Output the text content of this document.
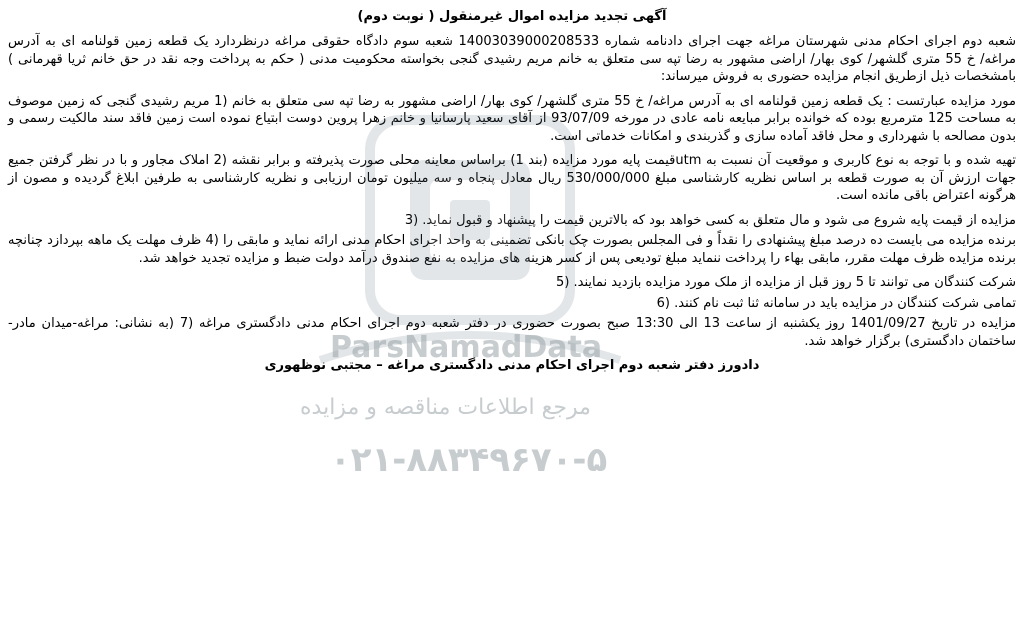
ParsNamadData
مرجع اطلاعات مناقصه و مزایده
۰۲۱-۸۸۳۴۹۶۷۰-۵
آگهی تجدید مزایده اموال غیرمنقول ( نوبت دوم)

شعبه دوم اجرای احکام مدنی شهرستان مراغه جهت اجرای دادنامه شماره 14003039000208533 شعبه سوم دادگاه حقوقی مراغه درنظردارد یک قطعه زمین قولنامه ای به آدرس مراغه/ خ 55 متری گلشهر/ کوی بهار/ اراضی مشهور به رضا تپه سی متعلق به خانم مریم رشیدی گنجی بخواسته محکومیت مدنی ( حکم به پرداخت وجه نقد در حق خانم ثریا قهرمانی ) بامشخصات ذیل ازطریق انجام مزایده حضوری به فروش میرساند:

مورد مزایده عبارتست : یک قطعه زمین قولنامه ای به آدرس مراغه/ خ 55 متری گلشهر/ کوی بهار/ اراضی مشهور به رضا تپه سی متعلق به خانم (1 مریم رشیدی گنجی که زمین موصوف به مساحت 125 مترمربع بوده که خوانده برابر مبایعه نامه عادی در مورخه 93/07/09 از آقای سعید پارسانیا و خانم زهرا پروین دوست ابتیاع نموده است زمین فاقد سند مالکیت رسمی و بدون مصالحه با شهرداری و محل فاقد آماده سازی و گذربندی و امکانات خدماتی است.

تهیه شده و با توجه به نوع کاربری و موقعیت آن نسبت به utmقیمت پایه مورد مزایده (بند 1) براساس معاینه محلی صورت پذیرفته و برابر نقشه (2 املاک مجاور و با در نظر گرفتن جمیع جهات ارزش آن به صورت قطعه بر اساس نظریه کارشناسی مبلغ 530/000/000 ریال معادل پنجاه و سه میلیون تومان ارزیابی و نظریه کارشناسی به طرفین ابلاغ گردیده و مصون از هرگونه اعتراض باقی مانده است.

مزایده از قیمت پایه شروع می شود و مال متعلق به کسی خواهد بود که بالاترین قیمت را پیشنهاد و قبول نماید. (3

برنده مزایده می بایست ده درصد مبلغ پیشنهادی را نقداً و فی المجلس بصورت چک بانکی تضمینی به واحد اجرای احکام مدنی ارائه نماید و مابقی را (4 ظرف مهلت یک ماهه بپردازد چنانچه برنده مزایده ظرف مهلت مقرر، مابقی بهاء را پرداخت ننماید مبلغ تودیعی پس از کسر هزینه های مزایده به نفع صندوق درآمد دولت ضبط و مزایده تجدید خواهد شد.

شرکت کنندگان می توانند تا 5 روز قبل از مزایده از ملک مورد مزایده بازدید نمایند. (5

تمامی شرکت کنندگان در مزایده باید در سامانه ثنا ثبت نام کنند. (6

مزایده در تاریخ 1401/09/27 روز یکشنبه از ساعت 13 الی 13:30 صبح بصورت حضوری در دفتر شعبه دوم اجرای احکام مدنی دادگستری مراغه (7 (به نشانی: مراغه-میدان مادر-ساختمان دادگستری) برگزار خواهد شد.

دادورز دفتر شعبه دوم اجرای احکام مدنی دادگستری مراغه – مجتبی نوظهوری
